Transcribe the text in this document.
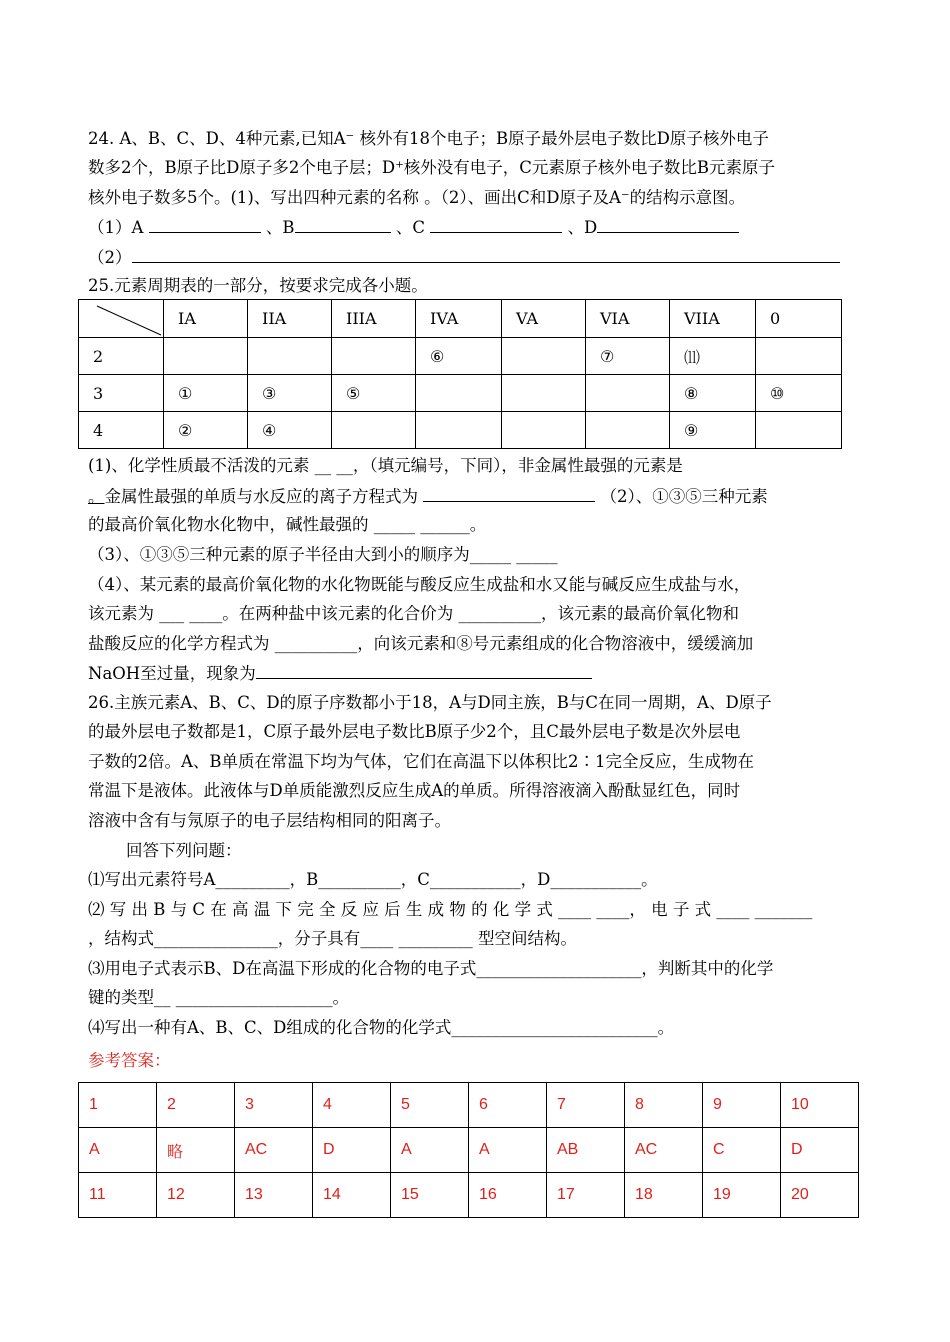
24. A、B、C、D、4种元素,已知A⁻ 核外有18个电子；B原子最外层电子数比D原子核外电子
数多2个，B原子比D原子多2个电子层；D⁺核外没有电子，C元素原子核外电子数比B元素原子
核外电子数多5个。(1)、写出四种元素的名称 。（2）、画出C和D原子及A⁻的结构示意图。
（1）A	、B	、C	、D
（2）
25.元素周期表的一部分，按要求完成各小题。
	IA	IIA	IIIA	IVA	VA	VIA	VIIA	0
2				⑥		⑦	⑾	
3	①	③	⑤				⑧	⑩
4	②	④					⑨	
(1)、化学性质最不活泼的元素 __ __，（填元编号，下同），非金属性最强的元素是
。金属性最强的单质与水反应的离子方程式为	（2）、①③⑤三种元素
的最高价氧化物水化物中，碱性最强的 _____ ______。
（3）、①③⑤三种元素的原子半径由大到小的顺序为_____ _____
（4）、某元素的最高价氧化物的水化物既能与酸反应生成盐和水又能与碱反应生成盐与水，
该元素为 ___ ____。在两种盐中该元素的化合价为 __________，该元素的最高价氧化物和
盐酸反应的化学方程式为 __________，向该元素和⑧号元素组成的化合物溶液中，缓缓滴加
NaOH至过量，现象为
26.主族元素A、B、C、D的原子序数都小于18，A与D同主族，B与C在同一周期，A、D原子
的最外层电子数都是1，C原子最外层电子数比B原子少2个，且C最外层电子数是次外层电
子数的2倍。A、B单质在常温下均为气体，它们在高温下以体积比2∶1完全反应，生成物在
常温下是液体。此液体与D单质能激烈反应生成A的单质。所得溶液滴入酚酞显红色，同时
溶液中含有与氖原子的电子层结构相同的阳离子。
回答下列问题：
⑴写出元素符号A_________，B__________，C___________，D___________。
⑵ 写 出 B 与 C 在 高 温 下 完 全 反 应 后 生 成 物 的 化 学 式 ____ ____， 电 子 式 ____ _______
，结构式_______________，分子具有____ _________ 型空间结构。
⑶用电子式表示B、D在高温下形成的化合物的电子式____________________，判断其中的化学
键的类型__ ___________________。
⑷写出一种有A、B、C、D组成的化合物的化学式_________________________。
参考答案：
1	2	3	4	5	6	7	8	9	10
A	略	AC	D	A	A	AB	AC	C	D
11	12	13	14	15	16	17	18	19	20
